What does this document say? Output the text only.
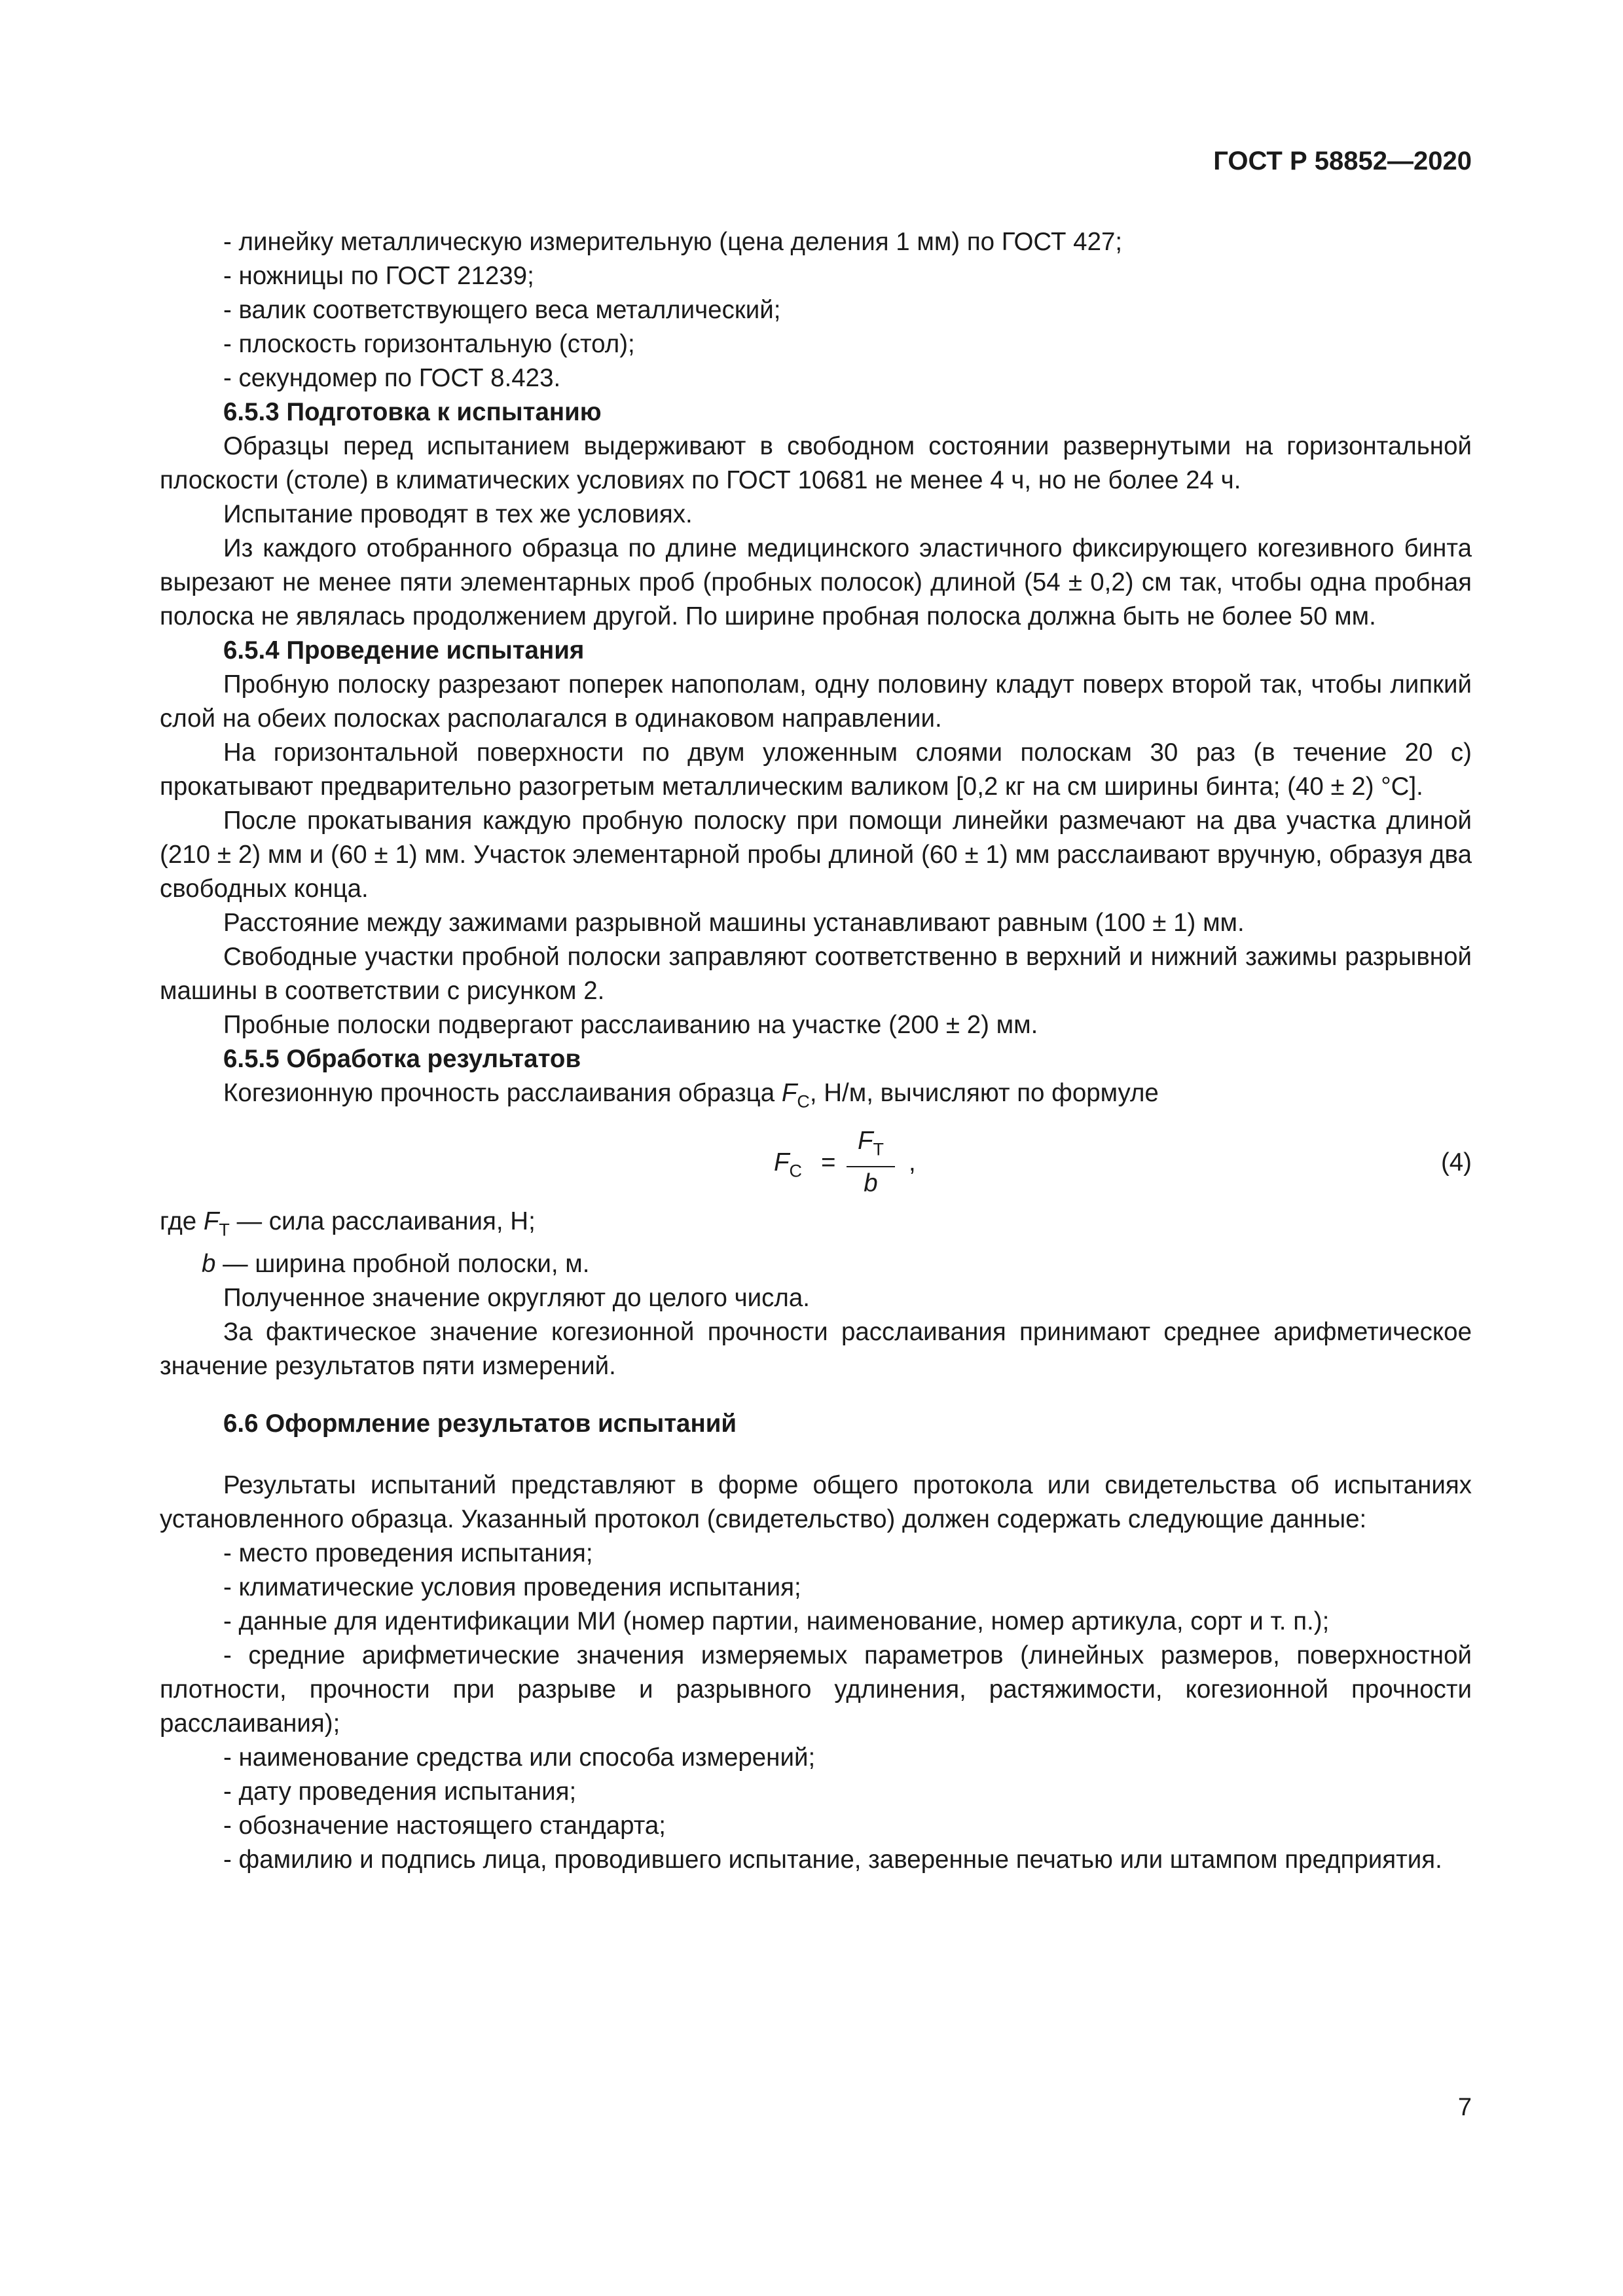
ГОСТ Р 58852—2020

- линейку металлическую измерительную (цена деления 1 мм) по ГОСТ 427;

- ножницы по ГОСТ 21239;

- валик соответствующего веса металлический;

- плоскость горизонтальную (стол);

- секундомер по ГОСТ 8.423.

6.5.3 Подготовка к испытанию

Образцы перед испытанием выдерживают в свободном состоянии развернутыми на горизонтальной плоскости (столе) в климатических условиях по ГОСТ 10681 не менее 4 ч, но не более 24 ч.

Испытание проводят в тех же условиях.

Из каждого отобранного образца по длине медицинского эластичного фиксирующего когезивного бинта вырезают не менее пяти элементарных проб (пробных полосок) длиной (54 ± 0,2) см так, чтобы одна пробная полоска не являлась продолжением другой. По ширине пробная полоска должна быть не более 50 мм.

6.5.4 Проведение испытания

Пробную полоску разрезают поперек напополам, одну половину кладут поверх второй так, чтобы липкий слой на обеих полосках располагался в одинаковом направлении.

На горизонтальной поверхности по двум уложенным слоями полоскам 30 раз (в течение 20 с) прокатывают предварительно разогретым металлическим валиком [0,2 кг на см ширины бинта; (40 ± 2) °С].

После прокатывания каждую пробную полоску при помощи линейки размечают на два участка длиной (210 ± 2) мм и (60 ± 1) мм. Участок элементарной пробы длиной (60 ± 1) мм расслаивают вручную, образуя два свободных конца.

Расстояние между зажимами разрывной машины устанавливают равным (100 ± 1) мм.

Свободные участки пробной полоски заправляют соответственно в верхний и нижний зажимы разрывной машины в соответствии с рисунком 2.

Пробные полоски подвергают расслаиванию на участке (200 ± 2) мм.

6.5.5 Обработка результатов

Когезионную прочность расслаивания образца $F_С$, Н/м, вычисляют по формуле

$F_С$ =
$F_Т$
b
,	(4)

где $F_Т$ — сила расслаивания, Н;

b — ширина пробной полоски, м.

Полученное значение округляют до целого числа.

За фактическое значение когезионной прочности расслаивания принимают среднее арифметическое значение результатов пяти измерений.

6.6 Оформление результатов испытаний

Результаты испытаний представляют в форме общего протокола или свидетельства об испытаниях установленного образца. Указанный протокол (свидетельство) должен содержать следующие данные:

- место проведения испытания;

- климатические условия проведения испытания;

- данные для идентификации МИ (номер партии, наименование, номер артикула, сорт и т. п.);

- средние арифметические значения измеряемых параметров (линейных размеров, поверхностной плотности, прочности при разрыве и разрывного удлинения, растяжимости, когезионной прочности расслаивания);

- наименование средства или способа измерений;

- дату проведения испытания;

- обозначение настоящего стандарта;

- фамилию и подпись лица, проводившего испытание, заверенные печатью или штампом предприятия.

7
